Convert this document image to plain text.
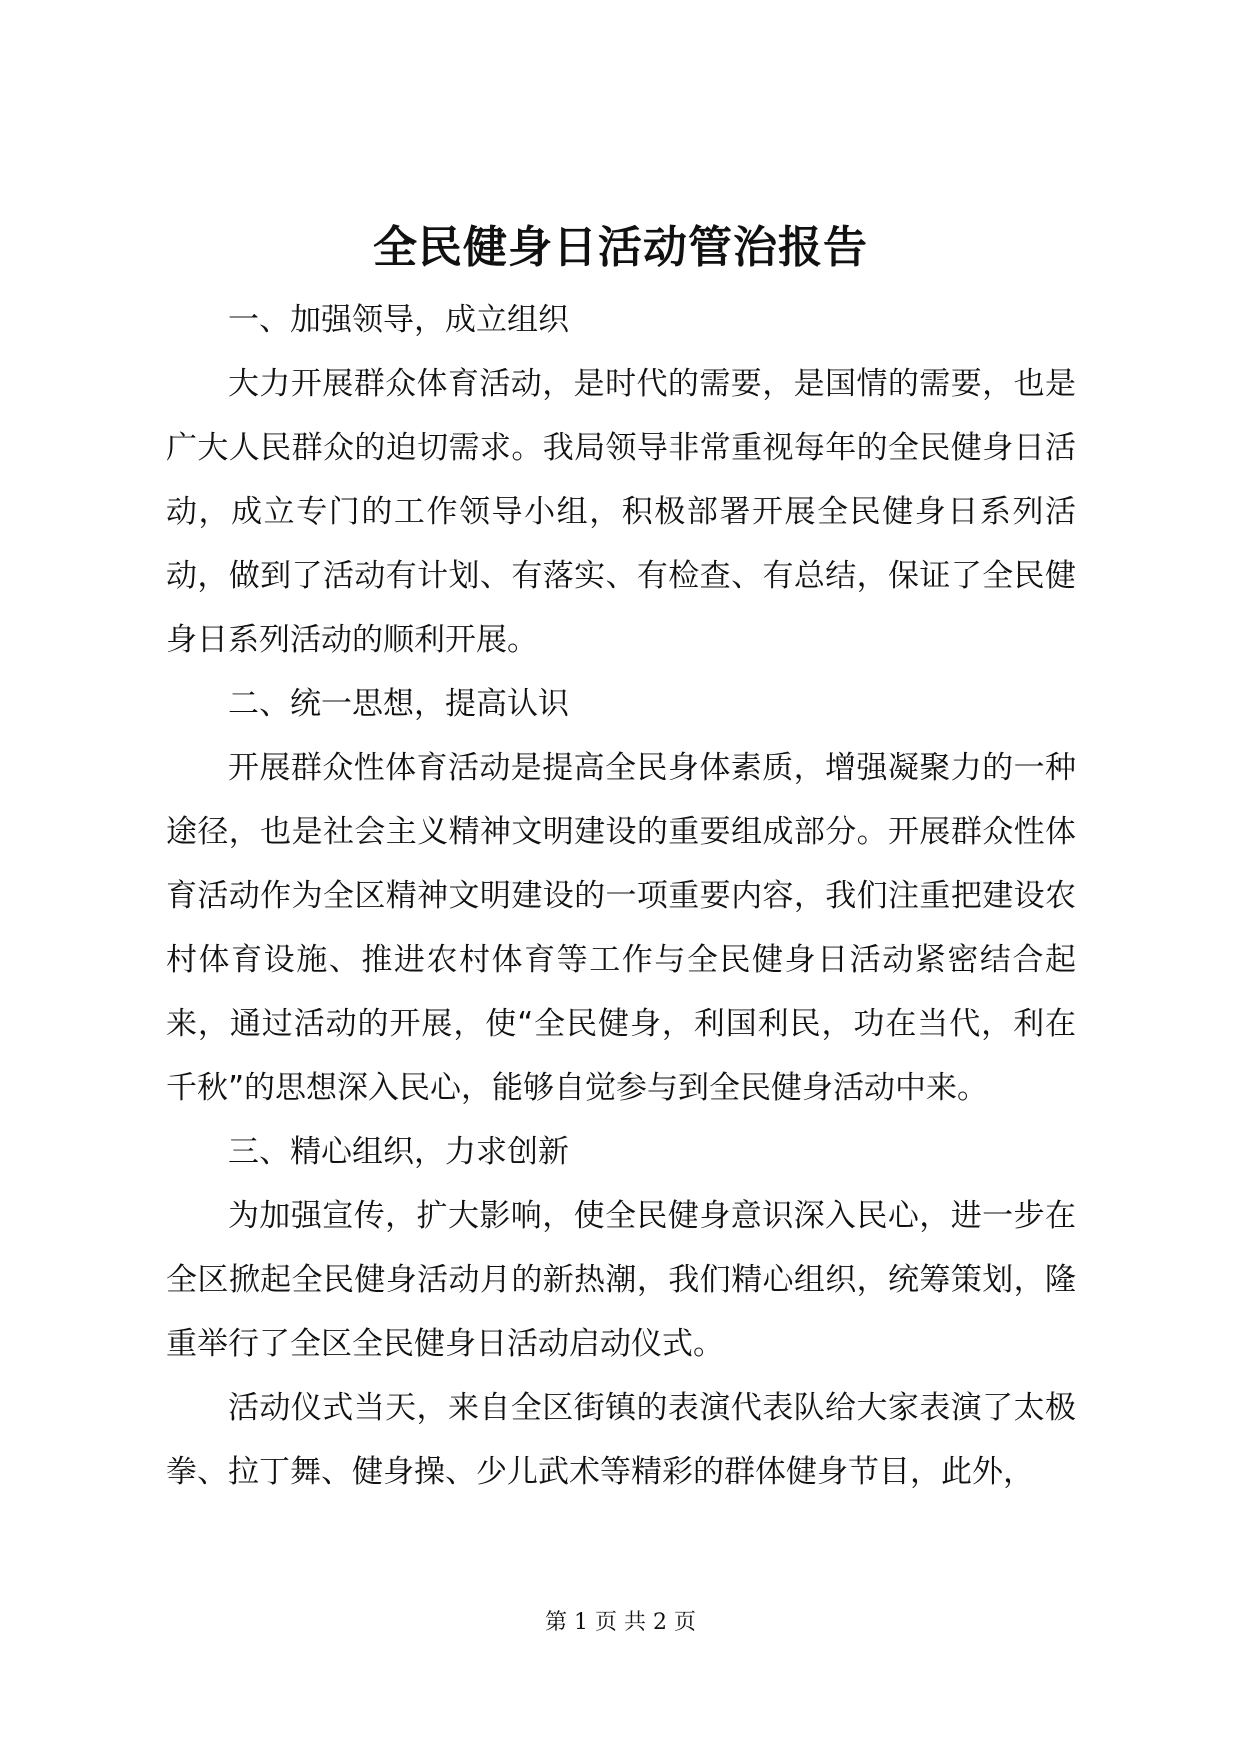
全民健身日活动管治报告

一、加强领导，成立组织

大力开展群众体育活动，是时代的需要，是国情的需要，也是广大人民群众的迫切需求。我局领导非常重视每年的全民健身日活动，成立专门的工作领导小组，积极部署开展全民健身日系列活动，做到了活动有计划、有落实、有检查、有总结，保证了全民健身日系列活动的顺利开展。

二、统一思想，提高认识

开展群众性体育活动是提高全民身体素质，增强凝聚力的一种途径，也是社会主义精神文明建设的重要组成部分。开展群众性体育活动作为全区精神文明建设的一项重要内容，我们注重把建设农村体育设施、推进农村体育等工作与全民健身日活动紧密结合起来，通过活动的开展，使“全民健身，利国利民，功在当代，利在千秋”的思想深入民心，能够自觉参与到全民健身活动中来。

三、精心组织，力求创新

为加强宣传，扩大影响，使全民健身意识深入民心，进一步在全区掀起全民健身活动月的新热潮，我们精心组织，统筹策划，隆重举行了全区全民健身日活动启动仪式。

活动仪式当天，来自全区街镇的表演代表队给大家表演了太极拳、拉丁舞、健身操、少儿武术等精彩的群体健身节目，此外，

第 1 页 共 2 页
